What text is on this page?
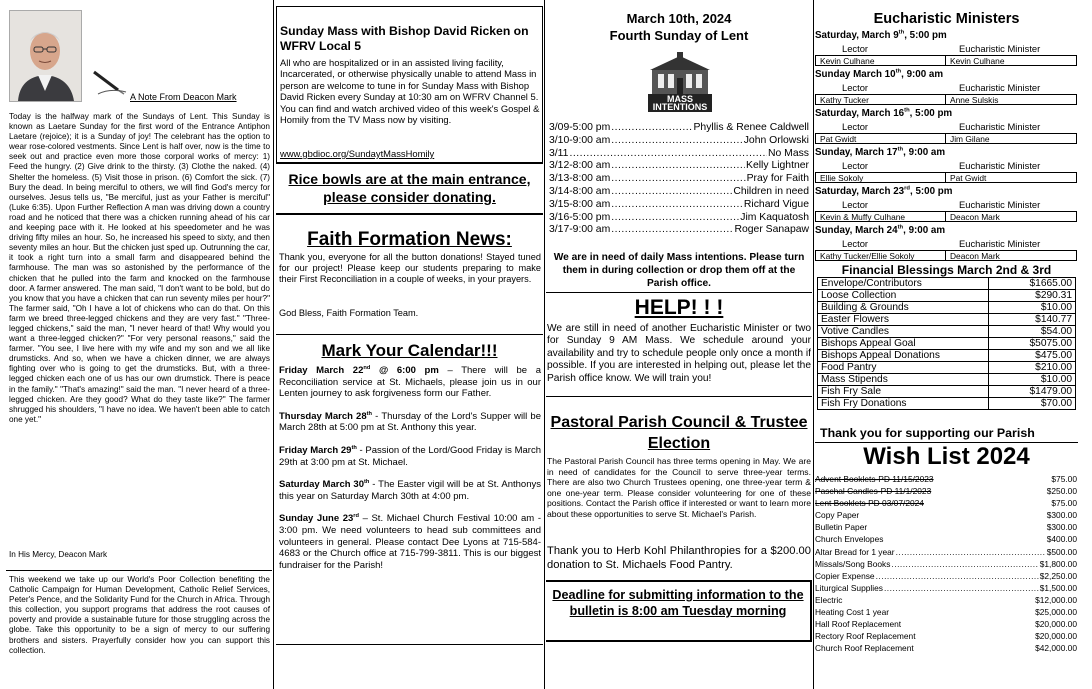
A Note From Deacon Mark
Today is the halfway mark of the Sundays of Lent. This Sunday is known as Laetare Sunday for the first word of the Entrance Antiphon Laetare (rejoice); it is a Sunday of joy! The celebrant has the option to wear rose-colored vestments. Since Lent is half over, now is the time to seek out and practice even more those corporal works of mercy: 1) Feed the hungry. (2) Give drink to the thirsty. (3) Clothe the naked. (4) Shelter the homeless. (5) Visit those in prison. (6) Comfort the sick. (7) Bury the dead. In being merciful to others, we will find God's mercy for ourselves. Jesus tells us, "Be merciful, just as your Father is merciful" (Luke 6:35). Upon Further Reflection A man was driving down a country road and he noticed that there was a chicken running ahead of his car and keeping pace with it. He looked at his speedometer and he was driving fifty miles an hour. So, he increased his speed to sixty, and then seventy miles an hour. But the chicken just sped up. Outrunning the car, it took a right turn into a small farm and disappeared behind the farmhouse. The man was so astonished by the performance of the chicken that he pulled into the farm and knocked on the farmhouse door. A farmer answered. The man said, "I don't want to be bold, but do you know that you have a chicken that can run seventy miles per hour?" The farmer said, "Oh I have a lot of chickens who can do that. On this farm we breed three-legged chickens and they are very fast." "Three-legged chickens," said the man, "I never heard of that! Why would you want a three-legged chicken?" "For very personal reasons," said the farmer. "You see, I live here with my wife and my son and we all like drumsticks. And so, when we have a chicken dinner, we are always fighting over who is going to get the drumsticks. But, with a three-legged chicken each one of us has our own drumstick. There is peace in the family." "That's amazing!" said the man. "I never heard of a three-legged chicken. Are they good? What do they taste like?" The farmer shrugged his shoulders, "I have no idea. We haven't been able to catch one yet."
In His Mercy, Deacon Mark
This weekend we take up our World's Poor Collection benefiting the Catholic Campaign for Human Development, Catholic Relief Services, Peter's Pence, and the Solidarity Fund for the Church in Africa. Through this collection, you support programs that address the root causes of poverty and provide a sustainable future for those struggling across the globe. Take this opportunity to be a sign of mercy to our suffering brothers and sisters. Prayerfully consider how you can support this collection.
Sunday Mass with Bishop David Ricken on WFRV Local 5
All who are hospitalized or in an assisted living facility, Incarcerated, or otherwise physically unable to attend Mass in person are welcome to tune in for Sunday Mass with Bishop David Ricken every Sunday at 10:30 am on WFRV Channel 5. You can find and watch archived video of this week's Gospel & Homily from the TV Mass now by visiting.
www.gbdioc.org/SundaytMassHomily
Rice bowls are at the main entrance, please consider donating.
Faith Formation News:
Thank you, everyone for all the button donations! Stayed tuned for our project! Please keep our students preparing to make their First Reconciliation in a couple of weeks, in your prayers.
God Bless, Faith Formation Team.
Mark Your Calendar!!!
Friday March 22nd @ 6:00 pm – There will be a Reconciliation service at St. Michaels, please join us in our Lenten journey to ask forgiveness form our Father.
Thursday March 28th - Thursday of the Lord's Supper will be March 28th at 5:00 pm at St. Anthony this year.
Friday March 29th - Passion of the Lord/Good Friday is March 29th at 3:00 pm at St. Michael.
Saturday March 30th - The Easter vigil will be at St. Anthonys this year on Saturday March 30th at 4:00 pm.
Sunday June 23rd – St. Michael Church Festival 10:00 am - 3:00 pm. We need volunteers to head sub committees and volunteers in general. Please contact Dee Lyons at 715-584-4683 or the Church office at 715-799-3811. This is our biggest fundraiser for the Parish!
March 10th, 2024
Fourth Sunday of Lent
MASS INTENTIONS
3/09-5:00 pm .....	Phyllis & Renee Caldwell
3/10-9:00 am .....	John Orlowski
3/11 .....	No Mass
3/12-8:00 am .....	Kelly Lightner
3/13-8:00 am .....	Pray for Faith
3/14-8:00 am .....	Children in need
3/15-8:00 am .....	Richard Vigue
3/16-5:00 pm .....	Jim Kaquatosh
3/17-9:00 am .....	Roger Sanapaw
We are in need of daily Mass intentions. Please turn them in during collection or drop them off at the Parish office.
HELP! ! !
We are still in need of another Eucharistic Minister or two for Sunday 9 AM Mass. We schedule around your availability and try to schedule people only once a month if possible. If you are interested in helping out, please let the Parish office know. We will train you!
Pastoral Parish Council & Trustee Election
The Pastoral Parish Council has three terms opening in May. We are in need of candidates for the Council to serve three-year terms. There are also two Church Trustees opening, one three-year term & one one-year term. Please consider volunteering for one of these positions. Contact the Parish office if interested or want to learn more about these opportunities to serve St. Michael's Parish.
Thank you to Herb Kohl Philanthropies for a $200.00 donation to St. Michaels Food Pantry.
Deadline for submitting information to the bulletin is 8:00 am Tuesday morning
Eucharistic Ministers
Saturday, March 9th, 5:00 pm
Lector	Eucharistic Minister
Kevin Culhane	Kevin Culhane
Sunday March 10th, 9:00 am
Lector	Eucharistic Minister
Kathy Tucker	Anne Sulskis
Saturday, March 16th, 5:00 pm
Lector	Eucharistic Minister
Pat Gwidt	Jim Gilane
Sunday, March 17th, 9:00 am
Lector	Eucharistic Minister
Ellie Sokoly	Pat Gwidt
Saturday, March 23rd, 5:00 pm
Lector	Eucharistic Minister
Kevin & Muffy Culhane	Deacon Mark
Sunday, March 24th, 9:00 am
Lector	Eucharistic Minister
Kathy Tucker/Ellie Sokoly	Deacon Mark
Financial Blessings March 2nd & 3rd
Envelope/Contributors	$1665.00
Loose Collection	$290.31
Building & Grounds	$10.00
Easter Flowers	$140.77
Votive Candles	$54.00
Bishops Appeal Goal	$5075.00
Bishops Appeal Donations	$475.00
Food Pantry	$210.00
Mass Stipends	$10.00
Fish Fry Sale	$1479.00
Fish Fry Donations	$70.00
Thank you for supporting our Parish
Wish List 2024
Advent Booklets-PD 11/15/2023 .....	$75.00
Paschal Candles-PD 11/1/2023 .....	$250.00
Lent Booklets PD 03/07/2024 .....	$75.00
Copy Paper .....	$300.00
Bulletin Paper .....	$300.00
Church Envelopes .....	$400.00
Altar Bread for 1 year .....	$500.00
Missals/Song Books .....	$1,800.00
Copier Expense .....	$2,250.00
Liturgical Supplies .....	$1,500.00
Electric .....	$12,000.00
Heating Cost 1 year .....	$25,000.00
Hall Roof Replacement .....	$20,000.00
Rectory Roof Replacement .....	$20,000.00
Church Roof Replacement .....	$42,000.00
